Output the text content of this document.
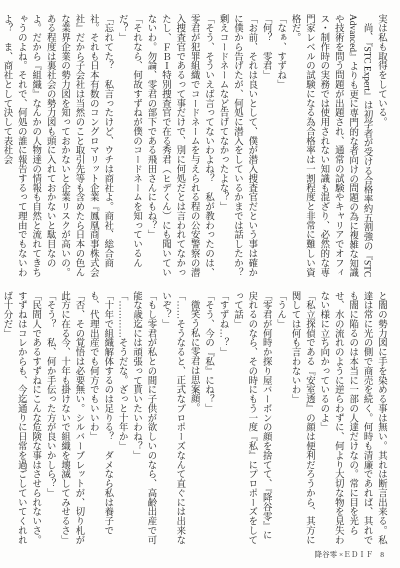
実は私も取得をしている。

尚、『STC Expert』は初学者が受ける合格率約五割強の『STC Advanced』よりも更に専門的な者向けの問題の為に複雑な知識や技術を問う問題が出題され、通常の試験やキャリアでオフィス・制作時の実務では使用されない知識も混ざり、必然的な専門家レベルの試験になる為合格率は一割程度と非常に難しい資格だ。

「なぁ、すずね」

「何？　零君」

「お前、それは良いとして、僕が潜入捜査官だという事は確かに僕から告げたが、何処に潜入をしているかまでは話したか？　剰えコードネームなど告げてなかったよな？」

「そう、そういえば言ってないわよね？　私が教わったのは、零君が犯罪組織でコードネームを与えられる程の公安警察の潜入捜査官であるって事だけで、別に何処だとは言われてなかったし、ＦＢＩ特別捜査官で在る秀君（ヒデくん）にも聞いていないわ。勿論、零君の部下である飛田さんにもね？」

「それなら、何故すずねが僕のコードネームを知っているんだ？」

「忘れてた？　私言ったけど、ウチは商社よ。商社、総合商社。それも日本有数のコングロマリット企業『鳳凰商事株式会社』だから子会社は当然のこと取引先等も含めたら日本の色んな業界企業の勢力図を知っておかないと企業リスクが高いの。ある程度は裏社会の勢力図も頭に入れておかないと駄目なのよ。だから『組織』なんかの人物達の情報も自然と流れてきちゃうのよね。それで、何処の誰に報告するって理由でもないわよ？　ま、商社として決して表社会

と闇の勢力図に手を染める事は無い。其れは断言出来る。私達は常に光の側で商売を続く。何時も清廉であれば、其れでも闇に陥るのは本当に一部の人達だけなの。常に目を光らせ、水の流れのように逆らわずに、何より大切な物を見失わない様に立ち向かっているのよ」

「私立探偵である『安室透』の顔は便利だろうから、其方に関しては何も言わないわ」

「うん」

「零君が何時か探り屋バーボンの顔を捨てて、『降谷零』に戻れるのなら、その時にもう一度『私』にプロポーズをしてって話」

「すずね…？」

「そう、今の『私』にね？」

微笑う私に零君は思案顔。

「……そうなると、正式なプロポーズなんて直ぐには出来ないぞ？」

「もし零君が私との間に子供が欲しいのなら、高齢出産で可能な歳迄には頑張って貰いたいわね？」

「…………そうだな。ざっと十年か」

「十年で組織解体するのは足りる？　ダメなら私は養子でも、代理出産でも何方でもいいわ」

「否、その覚悟は必要無い。シルバーブレットが、切り札が此方に在る今、十年も掛けないで組織を壊滅してみせるさ」

「そう？　私、何か手伝った方が良いかしら？」

「民間人であるすずねにこんな危険な事はさせられないさ。すずねはコレからも、今迄通りに日常を過ごしていてくれれば十分だ」

降谷零 ×ＥＤＩＦ 8
